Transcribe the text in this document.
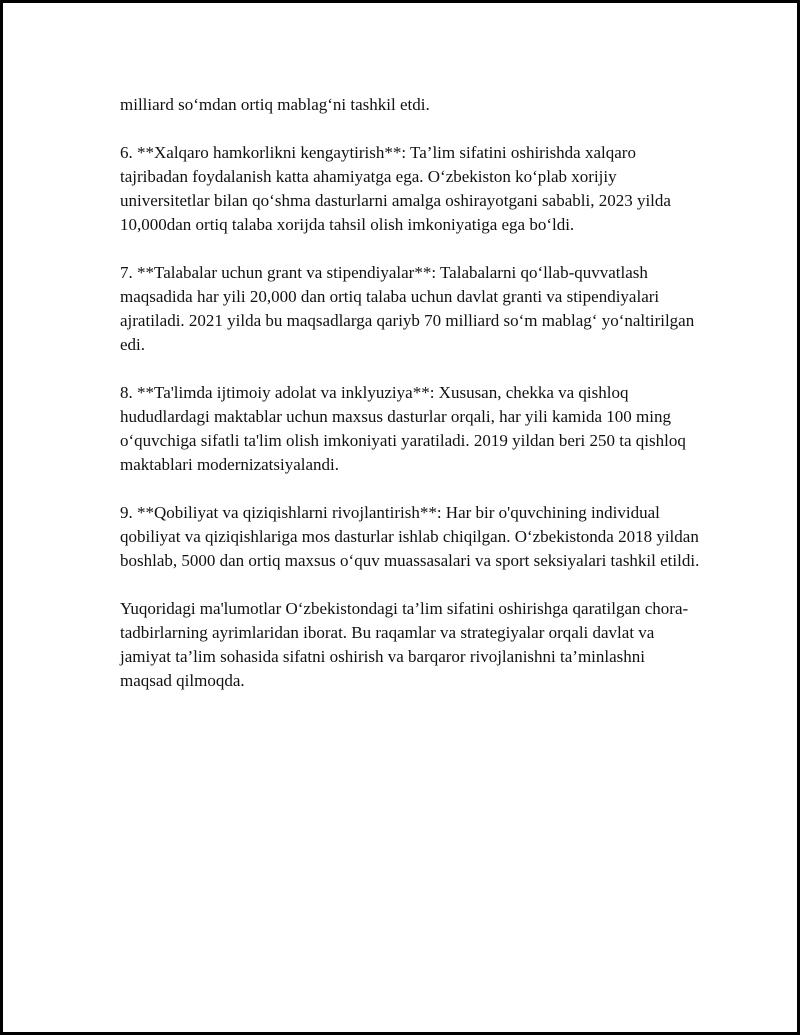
milliard soʻmdan ortiq mablagʻni tashkil etdi.

6. **Xalqaro hamkorlikni kengaytirish**: Ta’lim sifatini oshirishda xalqaro tajribadan foydalanish katta ahamiyatga ega. Oʻzbekiston koʻplab xorijiy universitetlar bilan qoʻshma dasturlarni amalga oshirayotgani sababli, 2023 yilda 10,000dan ortiq talaba xorijda tahsil olish imkoniyatiga ega boʻldi.

7. **Talabalar uchun grant va stipendiyalar**: Talabalarni qoʻllab-quvvatlash maqsadida har yili 20,000 dan ortiq talaba uchun davlat granti va stipendiyalari ajratiladi. 2021 yilda bu maqsadlarga qariyb 70 milliard soʻm mablagʻ yoʻnaltirilgan edi.

8. **Ta'limda ijtimoiy adolat va inklyuziya**: Xususan, chekka va qishloq hududlardagi maktablar uchun maxsus dasturlar orqali, har yili kamida 100 ming oʻquvchiga sifatli ta'lim olish imkoniyati yaratiladi. 2019 yildan beri 250 ta qishloq maktablari modernizatsiyalandi.

9. **Qobiliyat va qiziqishlarni rivojlantirish**: Har bir o'quvchining individual qobiliyat va qiziqishlariga mos dasturlar ishlab chiqilgan. Oʻzbekistonda 2018 yildan boshlab, 5000 dan ortiq maxsus oʻquv muassasalari va sport seksiyalari tashkil etildi.

Yuqoridagi ma'lumotlar Oʻzbekistondagi ta’lim sifatini oshirishga qaratilgan chora-tadbirlarning ayrimlaridan iborat. Bu raqamlar va strategiyalar orqali davlat va jamiyat ta’lim sohasida sifatni oshirish va barqaror rivojlanishni ta’minlashni maqsad qilmoqda.
